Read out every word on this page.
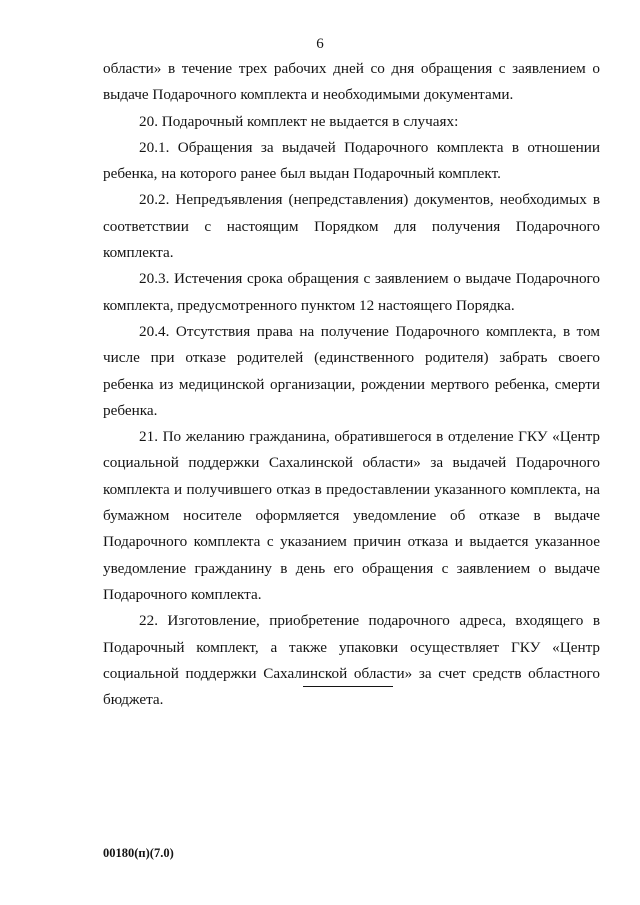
6

области» в течение трех рабочих дней со дня обращения с заявлением о выдаче Подарочного комплекта и необходимыми документами.

20. Подарочный комплект не выдается в случаях:

20.1. Обращения за выдачей Подарочного комплекта в отношении ребенка, на которого ранее был выдан Подарочный комплект.

20.2. Непредъявления (непредставления) документов, необходимых в соответствии с настоящим Порядком для получения Подарочного комплекта.

20.3. Истечения срока обращения с заявлением о выдаче Подарочного комплекта, предусмотренного пунктом 12 настоящего Порядка.

20.4. Отсутствия права на получение Подарочного комплекта, в том числе при отказе родителей (единственного родителя) забрать своего ребенка из медицинской организации, рождении мертвого ребенка, смерти ребенка.

21. По желанию гражданина, обратившегося в отделение ГКУ «Центр социальной поддержки Сахалинской области» за выдачей Подарочного комплекта и получившего отказ в предоставлении указанного комплекта, на бумажном носителе оформляется уведомление об отказе в выдаче Подарочного комплекта с указанием причин отказа и выдается указанное уведомление гражданину в день его обращения с заявлением о выдаче Подарочного комплекта.

22. Изготовление, приобретение подарочного адреса, входящего в Подарочный комплект, а также упаковки осуществляет ГКУ «Центр социальной поддержки Сахалинской области» за счет средств областного бюджета.

00180(п)(7.0)
